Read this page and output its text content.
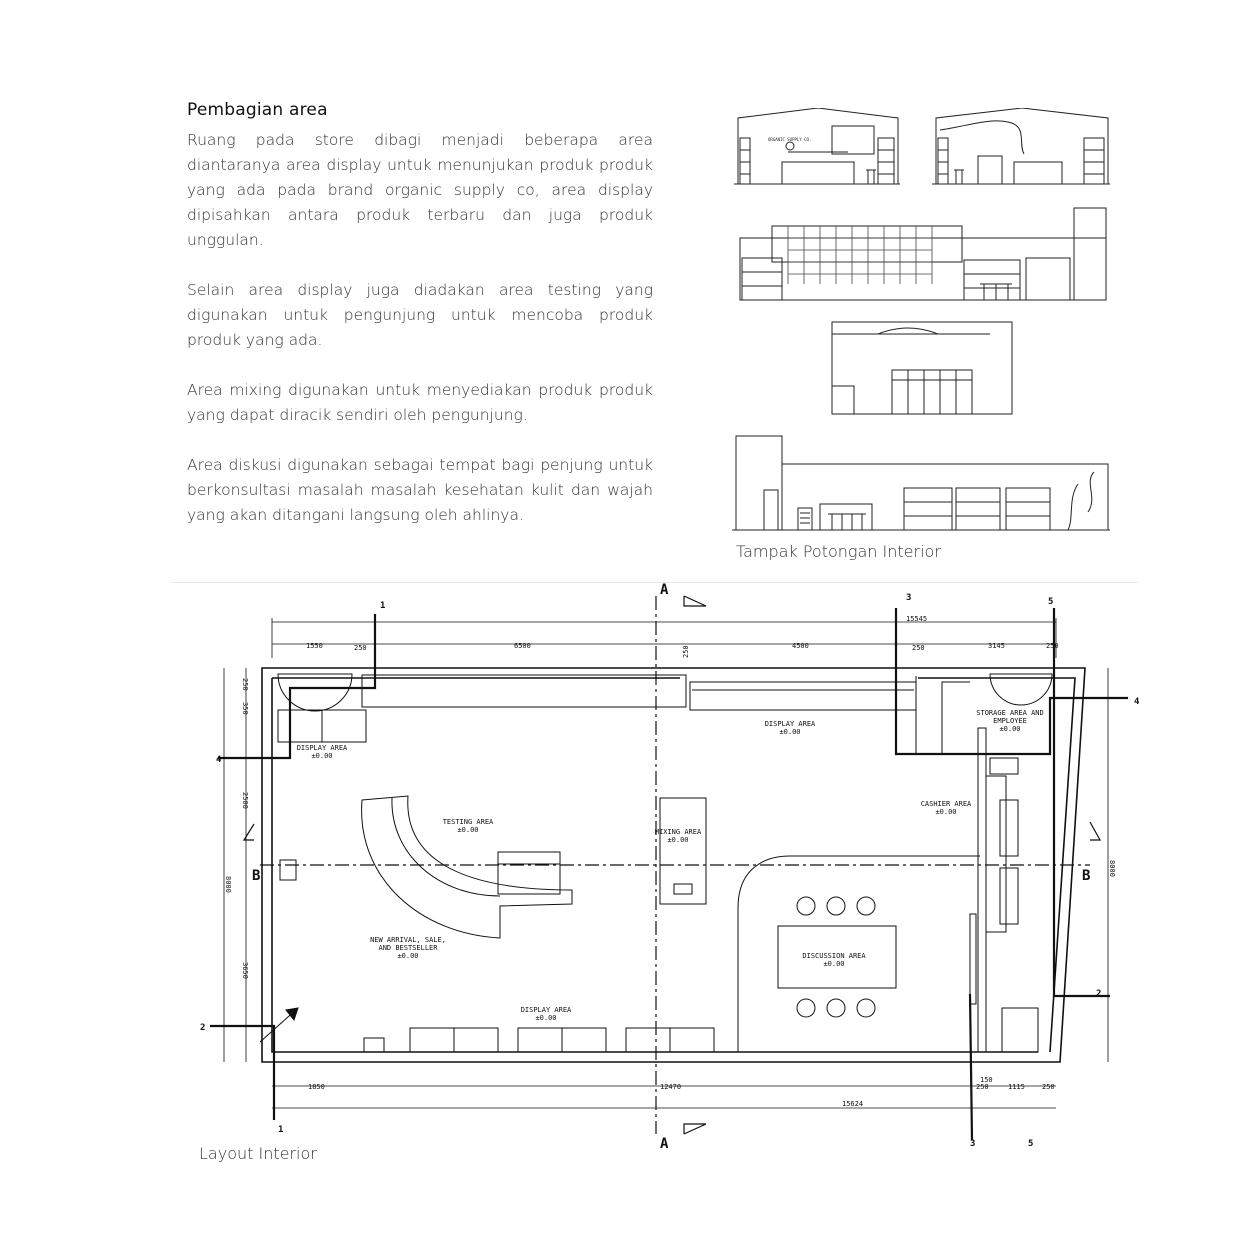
Pembagian area

Ruang pada store dibagi menjadi beberapa area diantaranya area display untuk menunjukan produk produk yang ada pada brand organic supply co, area display dipisahkan antara produk terbaru dan juga produk unggulan.

Selain area display juga diadakan area testing yang digunakan untuk pengunjung untuk mencoba produk produk yang ada.

Area mixing digunakan untuk menyediakan produk produk yang dapat diracik sendiri oleh pengunjung.

Area diskusi digunakan sebagai tempat bagi penjung untuk berkonsultasi masalah masalah kesehatan kulit dan wajah yang akan ditangani langsung oleh ahlinya.

ORGANIC SUPPLY CO.
Tampak Potongan Interior
15545
1550	250	6500	250	4500	250	3145	250
1850	12470	250
150
1115 250
15624
8000
250
350
2500
3650
8000
DISPLAY AREA
±0.00
DISPLAY AREA
±0.00
STORAGE AREA AND
EMPLOYEE
±0.00
CASHIER AREA
±0.00
TESTING AREA
±0.00	MIXING AREA
±0.00
NEW ARRIVAL, SALE,
AND BESTSELLER
±0.00
DISPLAY AREA
±0.00
DISCUSSION AREA
±0.00
A
A
B	B
1
1
2
2
3
3
4
4
5
5
Layout Interior
